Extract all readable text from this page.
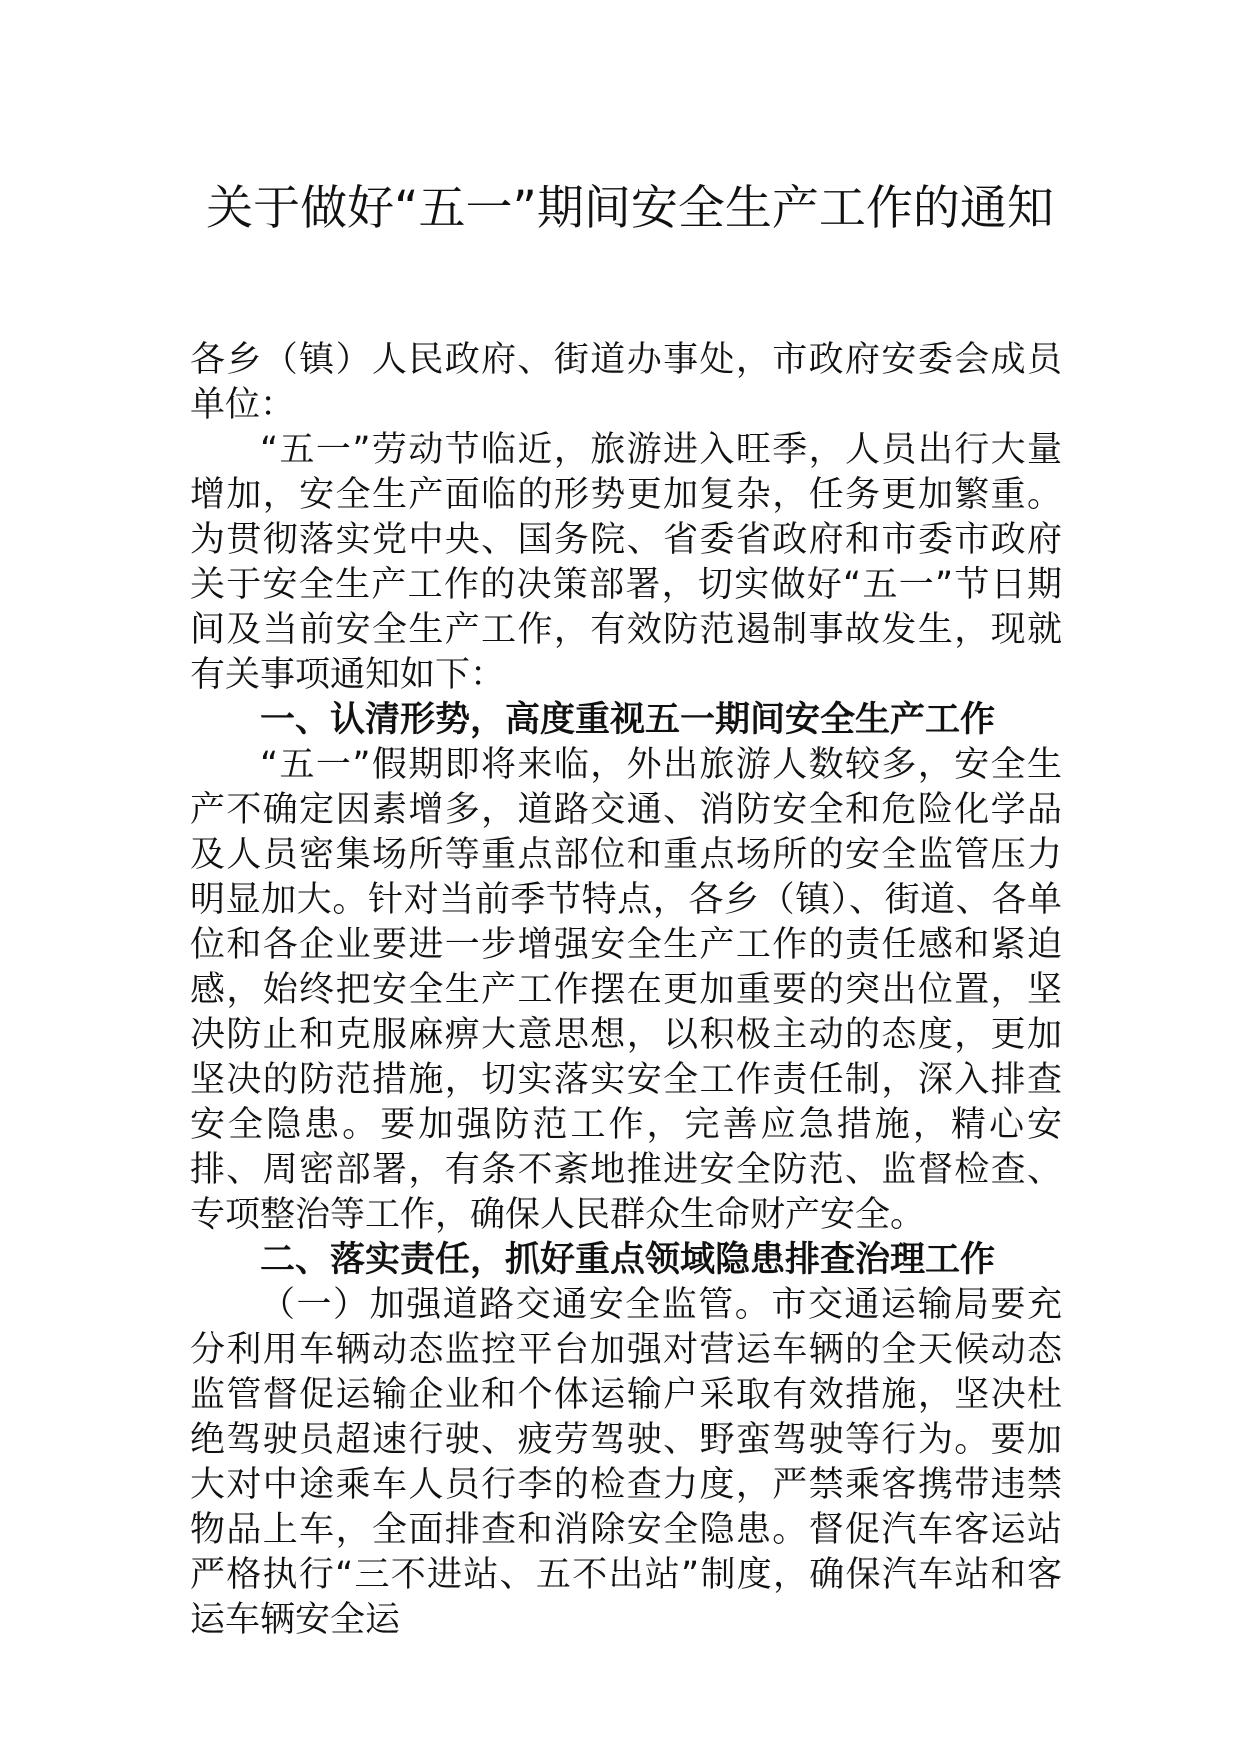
关于做好“五一”期间安全生产工作的通知

各乡（镇）人民政府、街道办事处，市政府安委会成员单位：

“五一”劳动节临近，旅游进入旺季，人员出行大量增加，安全生产面临的形势更加复杂，任务更加繁重。为贯彻落实党中央、国务院、省委省政府和市委市政府关于安全生产工作的决策部署，切实做好“五一”节日期间及当前安全生产工作，有效防范遏制事故发生，现就有关事项通知如下：

一、认清形势，高度重视五一期间安全生产工作

“五一”假期即将来临，外出旅游人数较多，安全生产不确定因素增多，道路交通、消防安全和危险化学品及人员密集场所等重点部位和重点场所的安全监管压力明显加大。针对当前季节特点，各乡（镇）、街道、各单位和各企业要进一步增强安全生产工作的责任感和紧迫感，始终把安全生产工作摆在更加重要的突出位置，坚决防止和克服麻痹大意思想，以积极主动的态度，更加坚决的防范措施，切实落实安全工作责任制，深入排查安全隐患。要加强防范工作，完善应急措施，精心安排、周密部署，有条不紊地推进安全防范、监督检查、专项整治等工作，确保人民群众生命财产安全。

二、落实责任，抓好重点领域隐患排查治理工作

（一）加强道路交通安全监管。市交通运输局要充分利用车辆动态监控平台加强对营运车辆的全天候动态监管督促运输企业和个体运输户采取有效措施，坚决杜绝驾驶员超速行驶、疲劳驾驶、野蛮驾驶等行为。要加大对中途乘车人员行李的检查力度，严禁乘客携带违禁物品上车，全面排查和消除安全隐患。督促汽车客运站严格执行“三不进站、五不出站”制度，确保汽车站和客运车辆安全运
